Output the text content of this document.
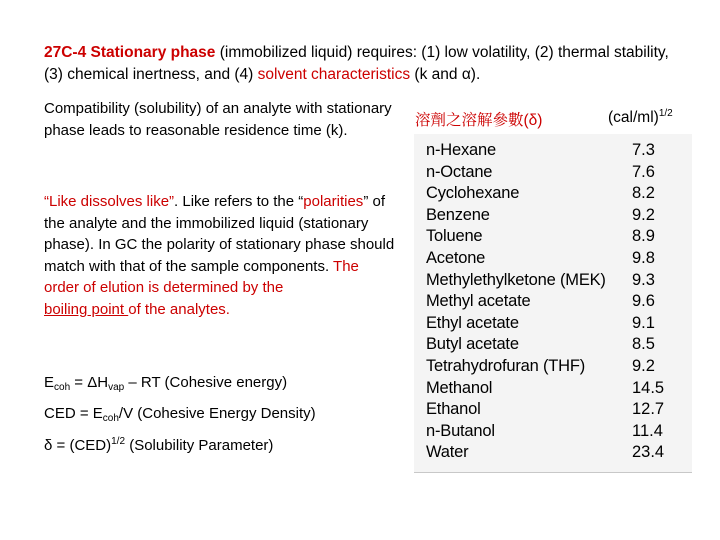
27C-4 Stationary phase (immobilized liquid) requires: (1) low volatility, (2) thermal stability, (3) chemical inertness, and (4) solvent characteristics (k and α).
Compatibility (solubility) of an analyte with stationary phase leads to reasonable residence time (k).
“Like dissolves like”. Like refers to the “polarities” of the analyte and the immobilized liquid (stationary phase). In GC the polarity of stationary phase should match with that of the sample components. The order of elution is determined by the
boiling point of the analytes.
$E_{coh} = \Delta H_{vap}$ – RT (Cohesive energy)
CED = $E_{coh}/V$ (Cohesive Energy Density)
δ = (CED)$^{1/2}$ (Solubility Parameter)
溶劑之溶解參數(δ)	$(cal/ml)^{1/2}$
n-Hexane	7.3
n-Octane	7.6
Cyclohexane	8.2
Benzene	9.2
Toluene	8.9
Acetone	9.8
Methylethylketone (MEK) 9.3
Methyl acetate	9.6
Ethyl acetate	9.1
Butyl acetate	8.5
Tetrahydrofuran (THF)	9.2
Methanol	14.5
Ethanol	12.7
n-Butanol	11.4
Water	23.4
